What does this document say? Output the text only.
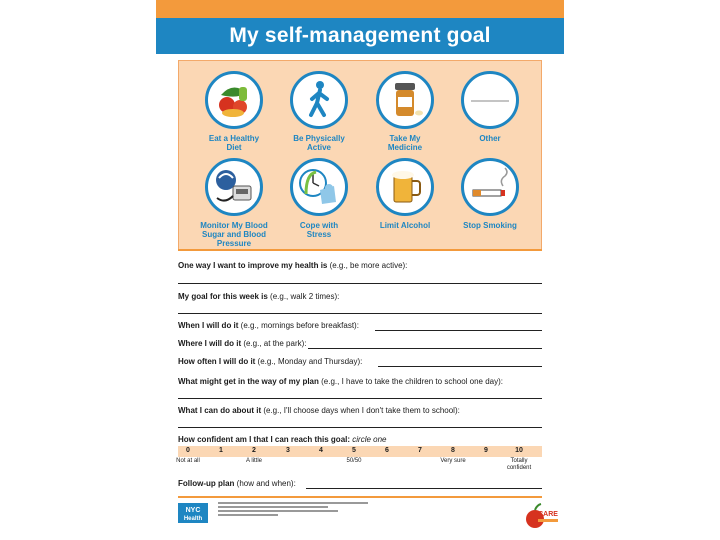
My self-management goal
Eat a Healthy Diet
Be Physically Active
Take My Medicine
Other
Monitor My Blood Sugar and Blood Pressure
Cope with Stress
Limit Alcohol	Stop Smoking
One way I want to improve my health is (e.g., be more active):
My goal for this week is (e.g., walk 2 times):
When I will do it (e.g., mornings before breakfast):
Where I will do it (e.g., at the park):
How often I will do it (e.g., Monday and Thursday):
What might get in the way of my plan (e.g., I have to take the children to school one day):
What I can do about it (e.g., I'll choose days when I don't take them to school):
How confident am I that I can reach this goal: circle one
0	1	2	3	4	5	6	7	8	9	10
Not at all	A little	50/50	Very sure	Totally confident
Follow-up plan (how and when):
NYC
Health
CARE
